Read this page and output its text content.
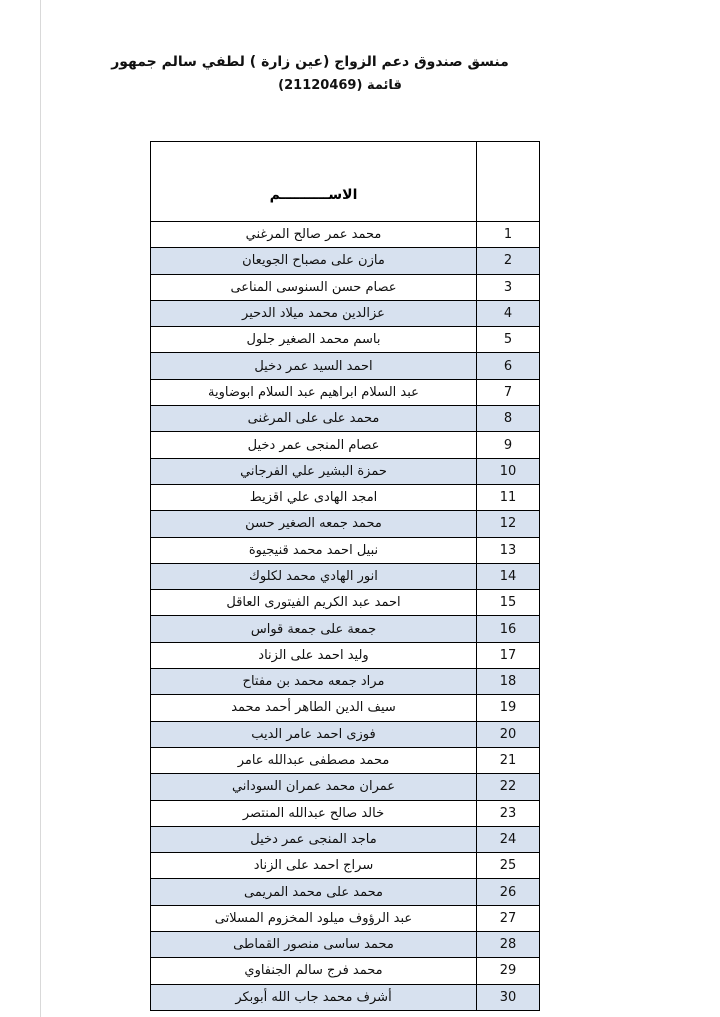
منسق صندوق دعم الزواج (عين زارة ) لطفي سالم جمهور
قائمة (21120469)
الاســــــــــم	
محمد عمر صالح المرغني	1
مازن على مصباح الجويعان	2
عصام حسن السنوسى المناعى	3
عزالدين محمد ميلاد الدحير	4
باسم محمد الصغير جلول	5
احمد السيد عمر دخيل	6
عبد السلام ابراهيم عبد السلام ابوضاوية	7
محمد على على المرغنى	8
عصام المنجى عمر دخيل	9
حمزة البشير علي الفرجاني	10
امجد الهادى علي اقزيط	11
محمد جمعه الصغير حسن	12
نبيل احمد محمد قنيجيوة	13
انور الهادي محمد لكلوك	14
احمد عبد الكريم الفيتورى العاقل	15
جمعة على جمعة قواس	16
وليد احمد على الزناد	17
مراد جمعه محمد بن مفتاح	18
سيف الدين الطاهر أحمد محمد	19
فوزى احمد عامر الديب	20
محمد مصطفى عبدالله عامر	21
عمران محمد عمران السوداني	22
خالد صالح عبدالله المنتصر	23
ماجد المنجى عمر دخيل	24
سراج احمد على الزناد	25
محمد على محمد المريمى	26
عبد الرؤوف ميلود المخزوم المسلاتى	27
محمد ساسى منصور القماطى	28
محمد فرج سالم الجنفاوي	29
أشرف محمد جاب الله أبوبكر	30
